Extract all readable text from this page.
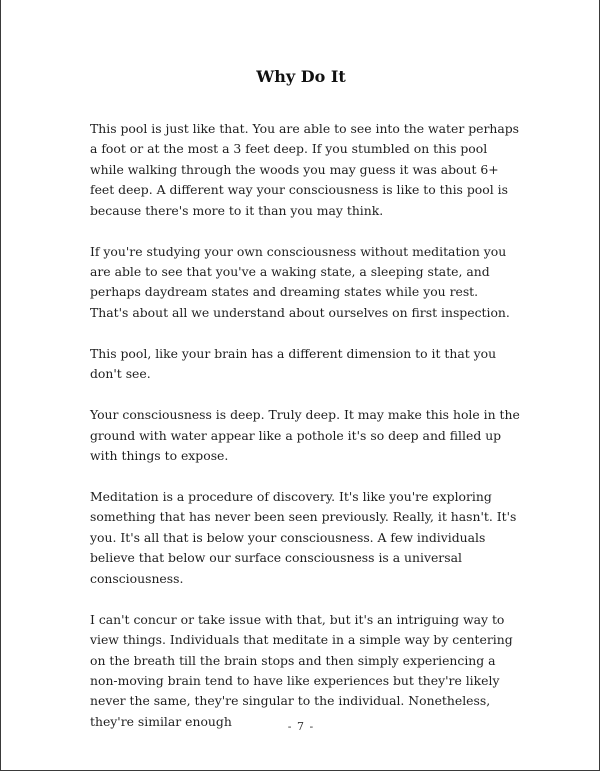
Why Do It

This pool is just like that. You are able to see into the water perhaps a foot or at the most a 3 feet deep. If you stumbled on this pool while walking through the woods you may guess it was about 6+ feet deep. A different way your consciousness is like to this pool is because there's more to it than you may think.

If you're studying your own consciousness without meditation you are able to see that you've a waking state, a sleeping state, and perhaps daydream states and dreaming states while you rest. That's about all we understand about ourselves on first inspection.

This pool, like your brain has a different dimension to it that you don't see.

Your consciousness is deep. Truly deep. It may make this hole in the ground with water appear like a pothole it's so deep and filled up with things to expose.

Meditation is a procedure of discovery. It's like you're exploring something that has never been seen previously. Really, it hasn't. It's you. It's all that is below your consciousness. A few individuals believe that below our surface consciousness is a universal consciousness.

I can't concur or take issue with that, but it's an intriguing way to view things. Individuals that meditate in a simple way by centering on the breath till the brain stops and then simply experiencing a non-moving brain tend to have like experiences but they're likely never the same, they're singular to the individual. Nonetheless, they're similar enough	- 7 -
